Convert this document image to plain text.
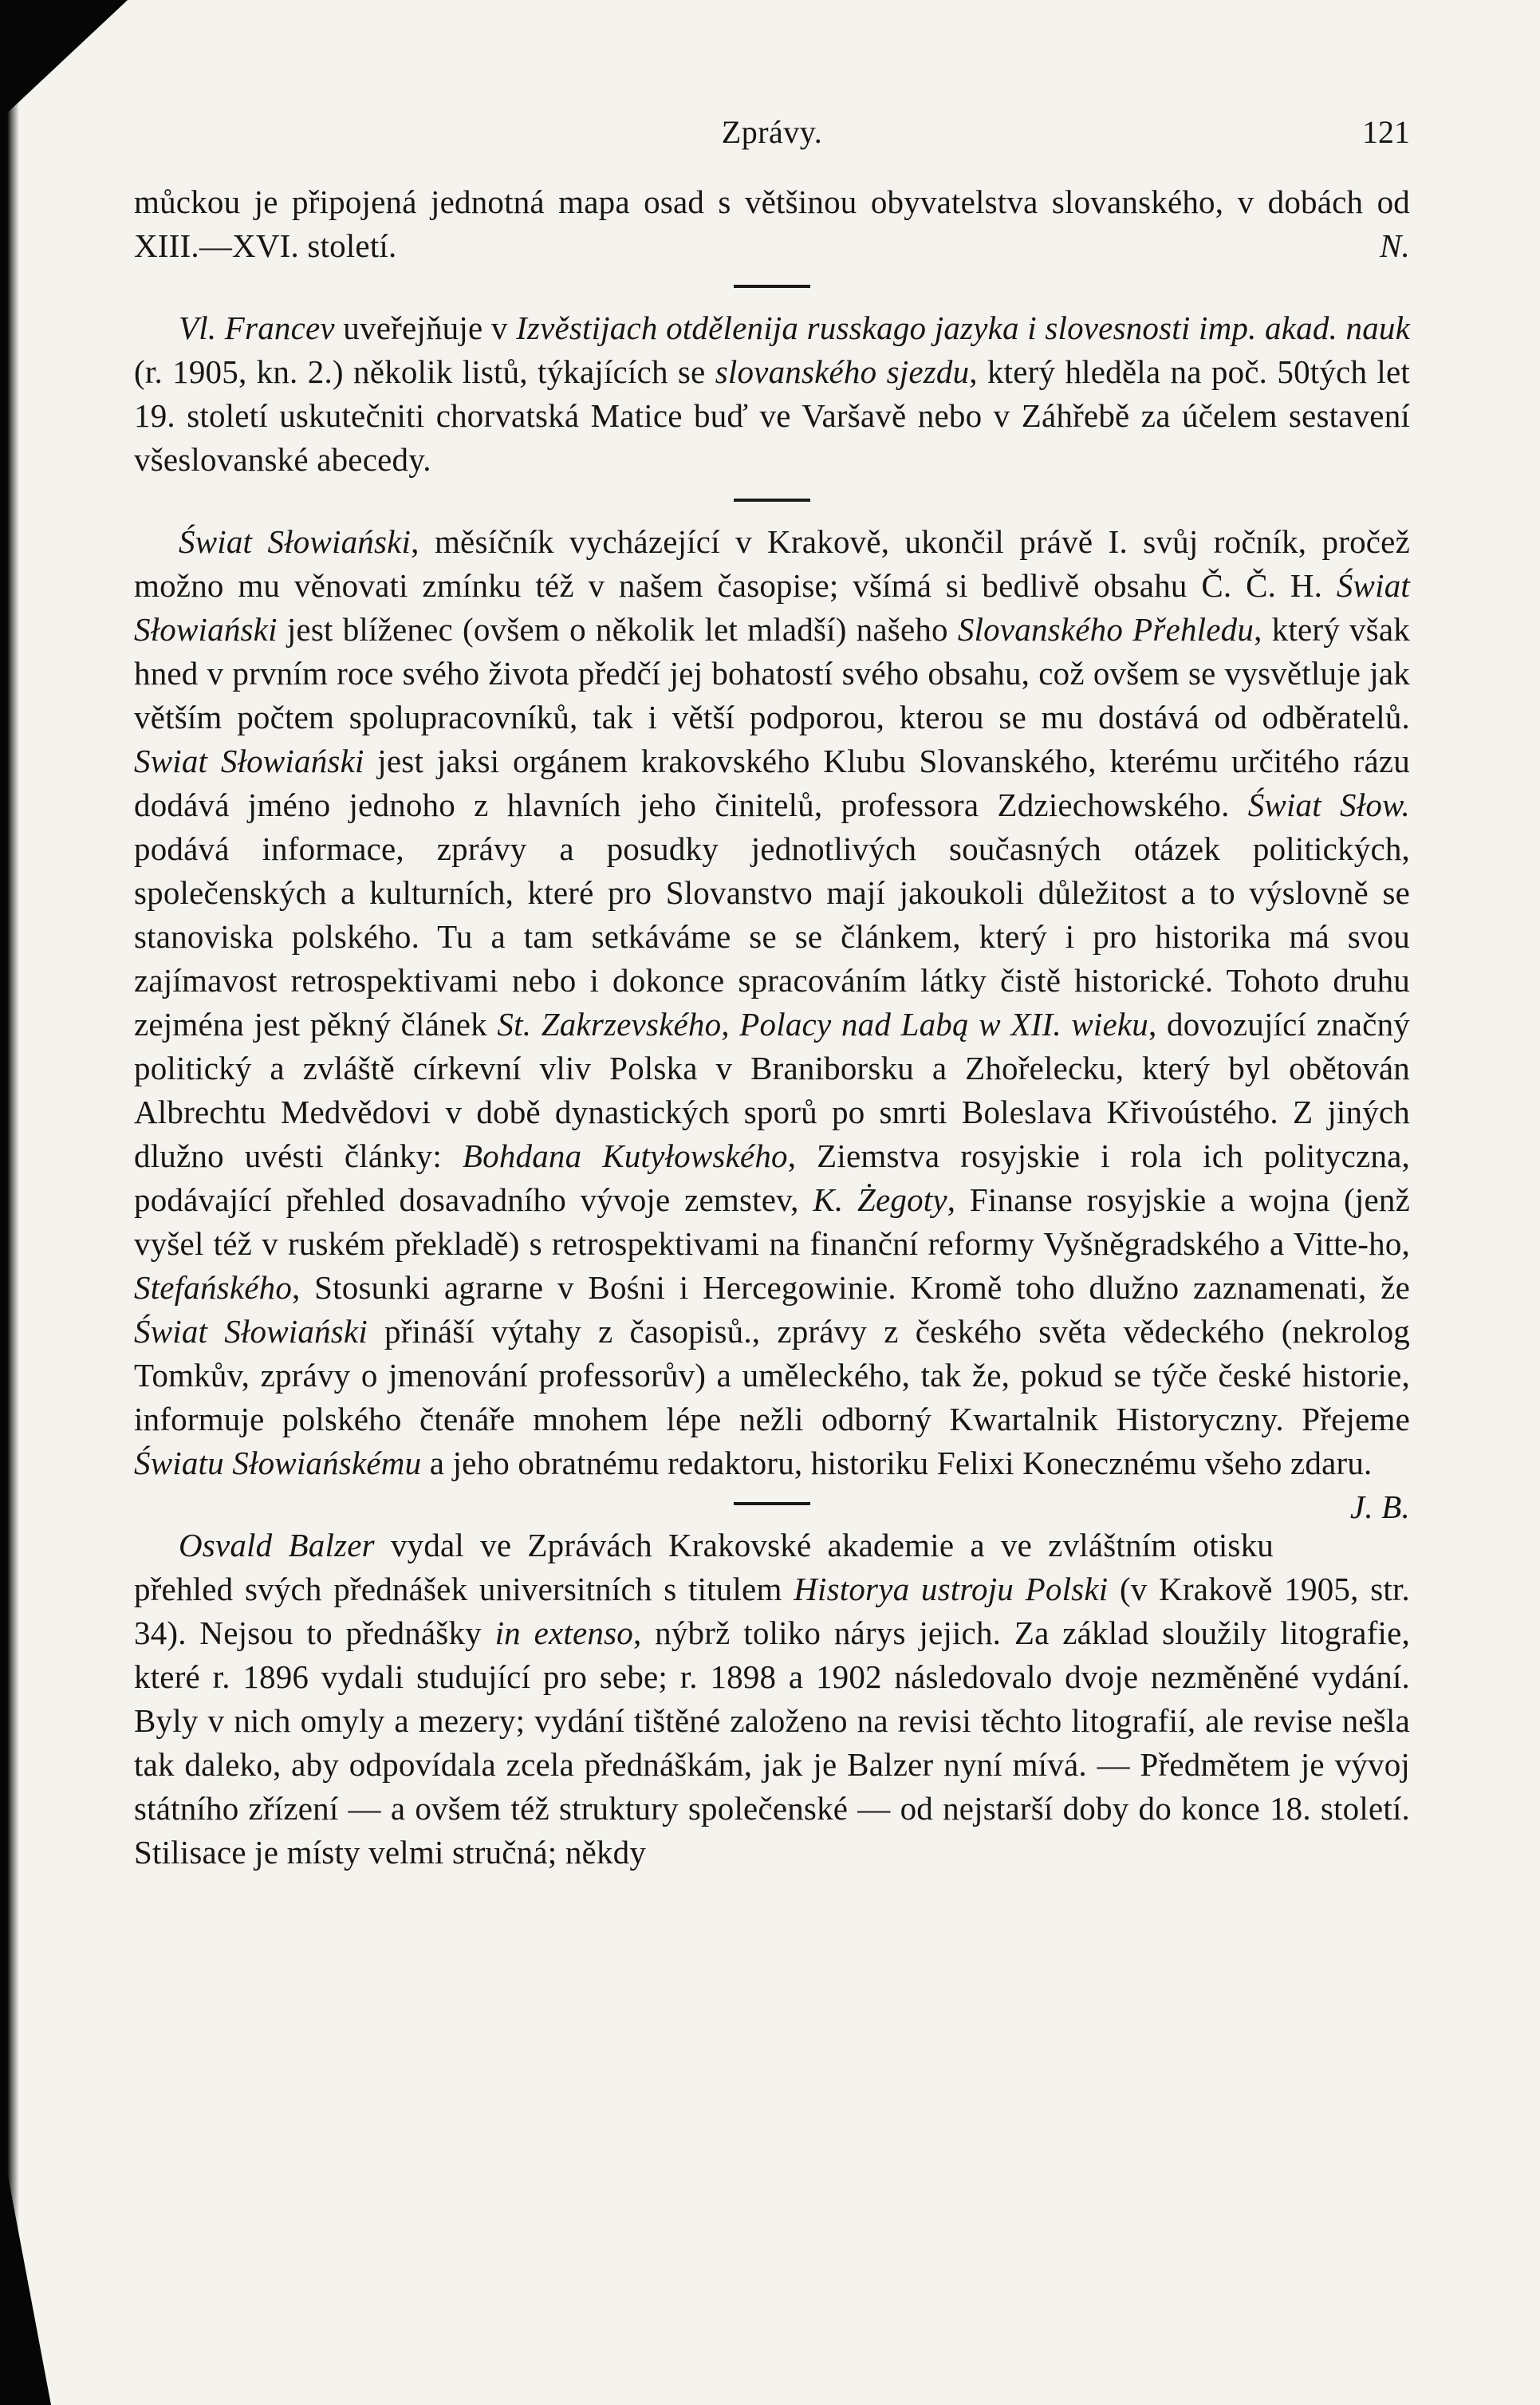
Zprávy.	121

můckou je připojená jednotná mapa osad s většinou obyvatelstva slovanského, v dobách od XIII.—XVI. století.	N.

Vl. Francev uveřejňuje v Izvěstijach otdělenija russkago jazyka i slovesnosti imp. akad. nauk (r. 1905, kn. 2.) několik listů, týkajících se slovanského sjezdu, který hleděla na poč. 50tých let 19. století uskutečniti chorvatská Matice buď ve Varšavě nebo v Záhřebě za účelem sestavení všeslovanské abecedy.

Świat Słowiański, měsíčník vycházející v Krakově, ukončil právě I. svůj ročník, pročež možno mu věnovati zmínku též v našem časopise; všímá si bedlivě obsahu Č. Č. H. Świat Słowiański jest blíženec (ovšem o několik let mladší) našeho Slovanského Přehledu, který však hned v prvním roce svého života předčí jej bohatostí svého obsahu, což ovšem se vysvětluje jak větším počtem spolupracovníků, tak i větší podporou, kterou se mu dostává od odběratelů. Swiat Słowiański jest jaksi orgánem krakovského Klubu Slovanského, kterému určitého rázu dodává jméno jednoho z hlavních jeho činitelů, professora Zdziechowského. Świat Słow. podává informace, zprávy a posudky jednotlivých současných otázek politických, společenských a kulturních, které pro Slovanstvo mají jakoukoli důležitost a to výslovně se stanoviska polského. Tu a tam setkáváme se se článkem, který i pro historika má svou zajímavost retrospektivami nebo i dokonce spracováním látky čistě historické. Tohoto druhu zejména jest pěkný článek St. Zakrzevského, Polacy nad Labą w XII. wieku, dovozující značný politický a zvláště církevní vliv Polska v Braniborsku a Zhořelecku, který byl obětován Albrechtu Medvědovi v době dynastických sporů po smrti Boleslava Křivoústého. Z jiných dlužno uvésti články: Bohdana Kutyłowského, Ziemstva rosyjskie i rola ich polityczna, podávající přehled dosavadního vývoje zemstev, K. Żegoty, Finanse rosyjskie a wojna (jenž vyšel též v ruském překladě) s retrospektivami na finanční reformy Vyšněgradského a Vitte-ho, Stefańského, Stosunki agrarne v Bośni i Hercegowinie. Kromě toho dlužno zaznamenati, že Świat Słowiański přináší výtahy z časopisů., zprávy z českého světa vědeckého (nekrolog Tomkův, zprávy o jmenování professorův) a uměleckého, tak že, pokud se týče české historie, informuje polského čtenáře mnohem lépe nežli odborný Kwartalnik Historyczny. Přejeme Światu Słowiańskému a jeho obratnému redaktoru, historiku Felixi Konecznému všeho zdaru.
J. B.

Osvald Balzer vydal ve Zprávách Krakovské akademie a ve zvláštním otisku přehled svých přednášek universitních s titulem Historya ustroju Polski (v Krakově 1905, str. 34). Nejsou to přednášky in extenso, nýbrž toliko nárys jejich. Za základ sloužily litografie, které r. 1896 vydali studující pro sebe; r. 1898 a 1902 následovalo dvoje nezměněné vydání. Byly v nich omyly a mezery; vydání tištěné založeno na revisi těchto litografií, ale revise nešla tak daleko, aby odpovídala zcela přednáškám, jak je Balzer nyní mívá. — Předmětem je vývoj státního zřízení — a ovšem též struktury společenské — od nejstarší doby do konce 18. století. Stilisace je místy velmi stručná; někdy
